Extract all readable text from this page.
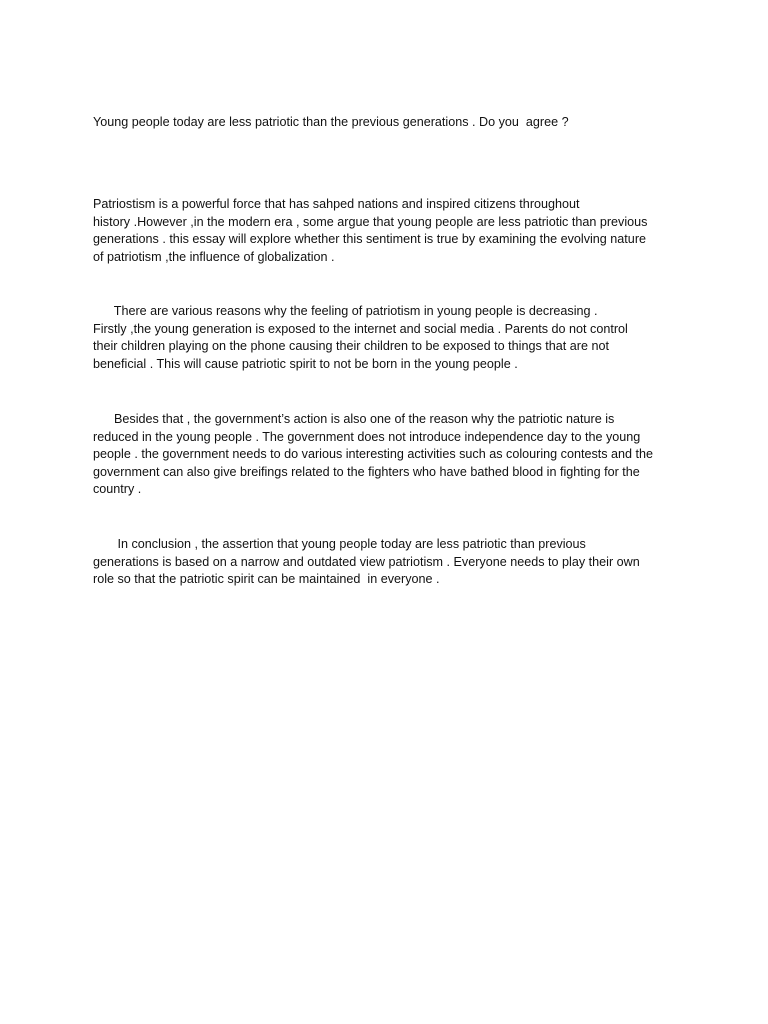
Young people today are less patriotic than the previous generations . Do you  agree ?

Patriostism is a powerful force that has sahped nations and inspired citizens throughout

history .However ,in the modern era , some argue that young people are less patriotic than previous

generations . this essay will explore whether this sentiment is true by examining the evolving nature

of patriotism ,the influence of globalization .

There are various reasons why the feeling of patriotism in young people is decreasing .

Firstly ,the young generation is exposed to the internet and social media . Parents do not control

their children playing on the phone causing their children to be exposed to things that are not

beneficial . This will cause patriotic spirit to not be born in the young people .

Besides that , the government’s action is also one of the reason why the patriotic nature is

reduced in the young people . The government does not introduce independence day to the young

people . the government needs to do various interesting activities such as colouring contests and the

government can also give breifings related to the fighters who have bathed blood in fighting for the

country .

In conclusion , the assertion that young people today are less patriotic than previous

generations is based on a narrow and outdated view patriotism . Everyone needs to play their own

role so that the patriotic spirit can be maintained  in everyone .
